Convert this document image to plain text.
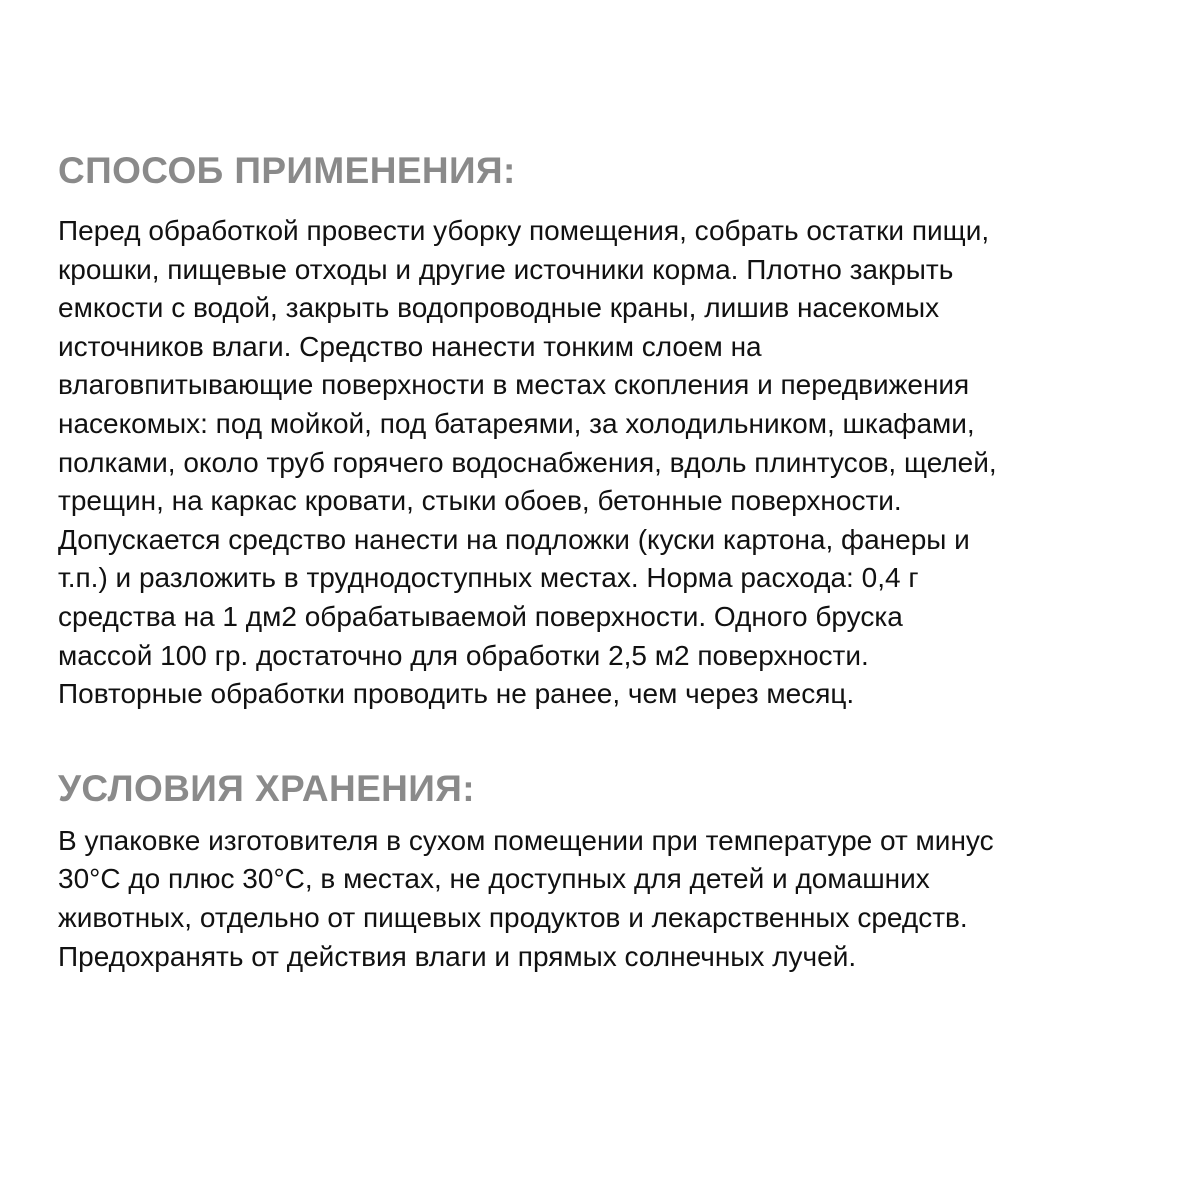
СПОСОБ ПРИМЕНЕНИЯ:
Перед обработкой провести уборку помещения, собрать остатки пищи,
крошки, пищевые отходы и другие источники корма. Плотно закрыть
емкости с водой, закрыть водопроводные краны, лишив насекомых
источников влаги. Средство нанести тонким слоем на
влаговпитывающие поверхности в местах скопления и передвижения
насекомых: под мойкой, под батареями, за холодильником, шкафами,
полками, около труб горячего водоснабжения, вдоль плинтусов, щелей,
трещин, на каркас кровати, стыки обоев, бетонные поверхности.
Допускается средство нанести на подложки (куски картона, фанеры и
т.п.) и разложить в труднодоступных местах. Норма расхода: 0,4 г
средства на 1 дм2 обрабатываемой поверхности. Одного бруска
массой 100 гр. достаточно для обработки 2,5 м2 поверхности.
Повторные обработки проводить не ранее, чем через месяц.
УСЛОВИЯ ХРАНЕНИЯ:
В упаковке изготовителя в сухом помещении при температуре от минус
30°С до плюс 30°С, в местах, не доступных для детей и домашних
животных, отдельно от пищевых продуктов и лекарственных средств.
Предохранять от действия влаги и прямых солнечных лучей.
